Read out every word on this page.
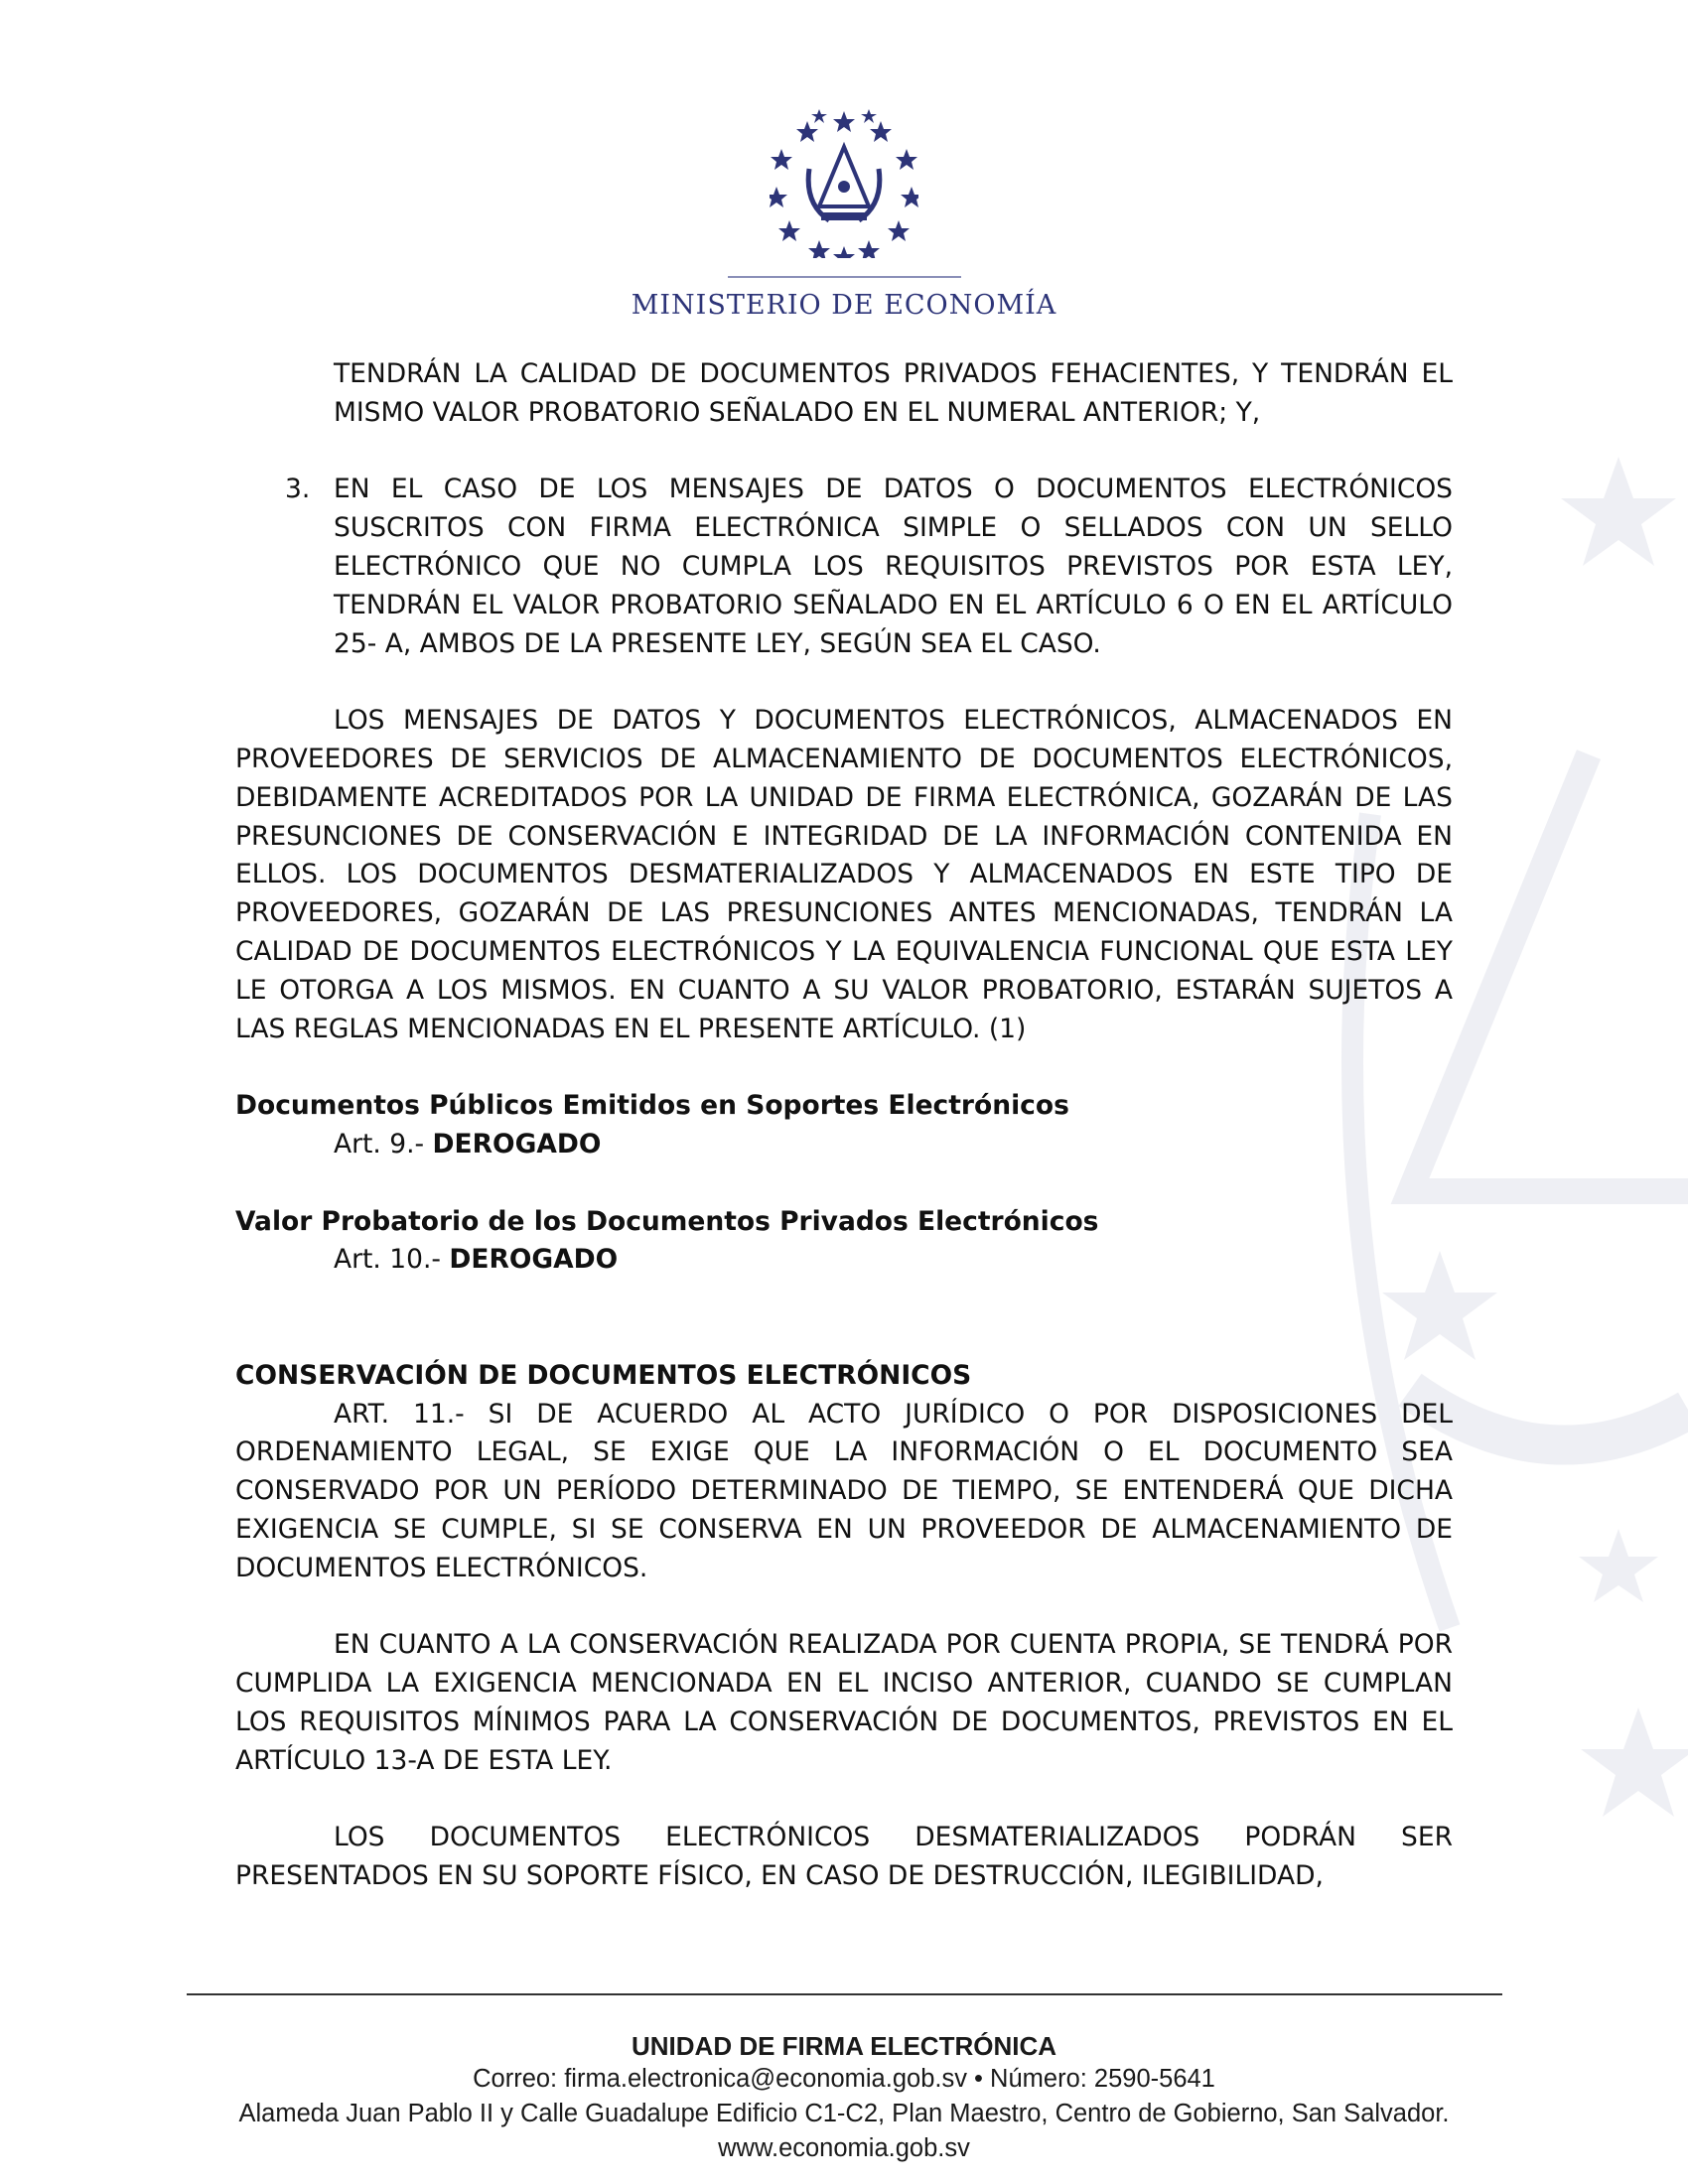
MINISTERIO DE ECONOMÍA

TENDRÁN LA CALIDAD DE DOCUMENTOS PRIVADOS FEHACIENTES, Y TENDRÁN EL MISMO VALOR PROBATORIO SEÑALADO EN EL NUMERAL ANTERIOR; Y,

3. EN EL CASO DE LOS MENSAJES DE DATOS O DOCUMENTOS ELECTRÓNICOS SUSCRITOS CON FIRMA ELECTRÓNICA SIMPLE O SELLADOS CON UN SELLO ELECTRÓNICO QUE NO CUMPLA LOS REQUISITOS PREVISTOS POR ESTA LEY, TENDRÁN EL VALOR PROBATORIO SEÑALADO EN EL ARTÍCULO 6 O EN EL ARTÍCULO 25- A, AMBOS DE LA PRESENTE LEY, SEGÚN SEA EL CASO.

LOS MENSAJES DE DATOS Y DOCUMENTOS ELECTRÓNICOS, ALMACENADOS EN PROVEEDORES DE SERVICIOS DE ALMACENAMIENTO DE DOCUMENTOS ELECTRÓNICOS, DEBIDAMENTE ACREDITADOS POR LA UNIDAD DE FIRMA ELECTRÓNICA, GOZARÁN DE LAS PRESUNCIONES DE CONSERVACIÓN E INTEGRIDAD DE LA INFORMACIÓN CONTENIDA EN ELLOS. LOS DOCUMENTOS DESMATERIALIZADOS Y ALMACENADOS EN ESTE TIPO DE PROVEEDORES, GOZARÁN DE LAS PRESUNCIONES ANTES MENCIONADAS, TENDRÁN LA CALIDAD DE DOCUMENTOS ELECTRÓNICOS Y LA EQUIVALENCIA FUNCIONAL QUE ESTA LEY LE OTORGA A LOS MISMOS. EN CUANTO A SU VALOR PROBATORIO, ESTARÁN SUJETOS A LAS REGLAS MENCIONADAS EN EL PRESENTE ARTÍCULO. (1)

Documentos Públicos Emitidos en Soportes Electrónicos

Art. 9.- DEROGADO

Valor Probatorio de los Documentos Privados Electrónicos

Art. 10.- DEROGADO

CONSERVACIÓN DE DOCUMENTOS ELECTRÓNICOS

ART. 11.- SI DE ACUERDO AL ACTO JURÍDICO O POR DISPOSICIONES DEL ORDENAMIENTO LEGAL, SE EXIGE QUE LA INFORMACIÓN O EL DOCUMENTO SEA CONSERVADO POR UN PERÍODO DETERMINADO DE TIEMPO, SE ENTENDERÁ QUE DICHA EXIGENCIA SE CUMPLE, SI SE CONSERVA EN UN PROVEEDOR DE ALMACENAMIENTO DE DOCUMENTOS ELECTRÓNICOS.

EN CUANTO A LA CONSERVACIÓN REALIZADA POR CUENTA PROPIA, SE TENDRÁ POR CUMPLIDA LA EXIGENCIA MENCIONADA EN EL INCISO ANTERIOR, CUANDO SE CUMPLAN LOS REQUISITOS MÍNIMOS PARA LA CONSERVACIÓN DE DOCUMENTOS, PREVISTOS EN EL ARTÍCULO 13-A DE ESTA LEY.

LOS DOCUMENTOS ELECTRÓNICOS DESMATERIALIZADOS PODRÁN SER PRESENTADOS EN SU SOPORTE FÍSICO, EN CASO DE DESTRUCCIÓN, ILEGIBILIDAD,

UNIDAD DE FIRMA ELECTRÓNICA
Correo: firma.electronica@economia.gob.sv • Número: 2590-5641
Alameda Juan Pablo II y Calle Guadalupe Edificio C1-C2, Plan Maestro, Centro de Gobierno, San Salvador.
www.economia.gob.sv
